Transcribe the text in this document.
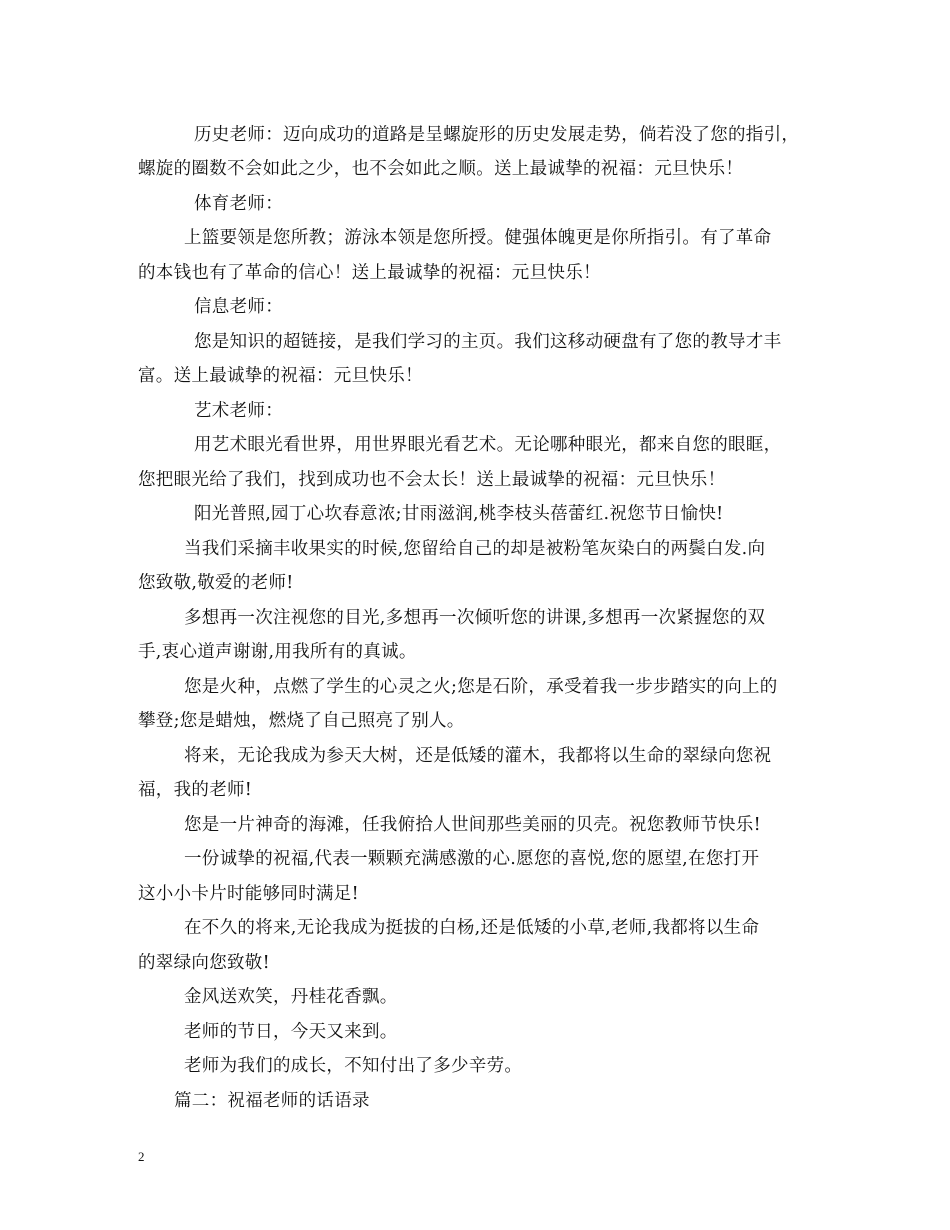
历史老师：迈向成功的道路是呈螺旋形的历史发展走势，倘若没了您的指引，
螺旋的圈数不会如此之少，也不会如此之顺。送上最诚挚的祝福：元旦快乐！
体育老师：
上篮要领是您所教；游泳本领是您所授。健强体魄更是你所指引。有了革命
的本钱也有了革命的信心！送上最诚挚的祝福：元旦快乐！
信息老师：
您是知识的超链接，是我们学习的主页。我们这移动硬盘有了您的教导才丰
富。送上最诚挚的祝福：元旦快乐！
艺术老师：
用艺术眼光看世界，用世界眼光看艺术。无论哪种眼光，都来自您的眼眶，
您把眼光给了我们，找到成功也不会太长！送上最诚挚的祝福：元旦快乐！
阳光普照,园丁心坎春意浓;甘雨滋润,桃李枝头蓓蕾红.祝您节日愉快!
当我们采摘丰收果实的时候,您留给自己的却是被粉笔灰染白的两鬓白发.向
您致敬,敬爱的老师!
多想再一次注视您的目光,多想再一次倾听您的讲课,多想再一次紧握您的双
手,衷心道声谢谢,用我所有的真诚。
您是火种，点燃了学生的心灵之火;您是石阶，承受着我一步步踏实的向上的
攀登;您是蜡烛，燃烧了自己照亮了别人。
将来，无论我成为参天大树，还是低矮的灌木，我都将以生命的翠绿向您祝
福，我的老师!
您是一片神奇的海滩，任我俯拾人世间那些美丽的贝壳。祝您教师节快乐!
一份诚挚的祝福,代表一颗颗充满感激的心.愿您的喜悦,您的愿望,在您打开
这小小卡片时能够同时满足!
在不久的将来,无论我成为挺拔的白杨,还是低矮的小草,老师,我都将以生命
的翠绿向您致敬!
金风送欢笑，丹桂花香飘。
老师的节日，今天又来到。
老师为我们的成长，不知付出了多少辛劳。
篇二：祝福老师的话语录
2
